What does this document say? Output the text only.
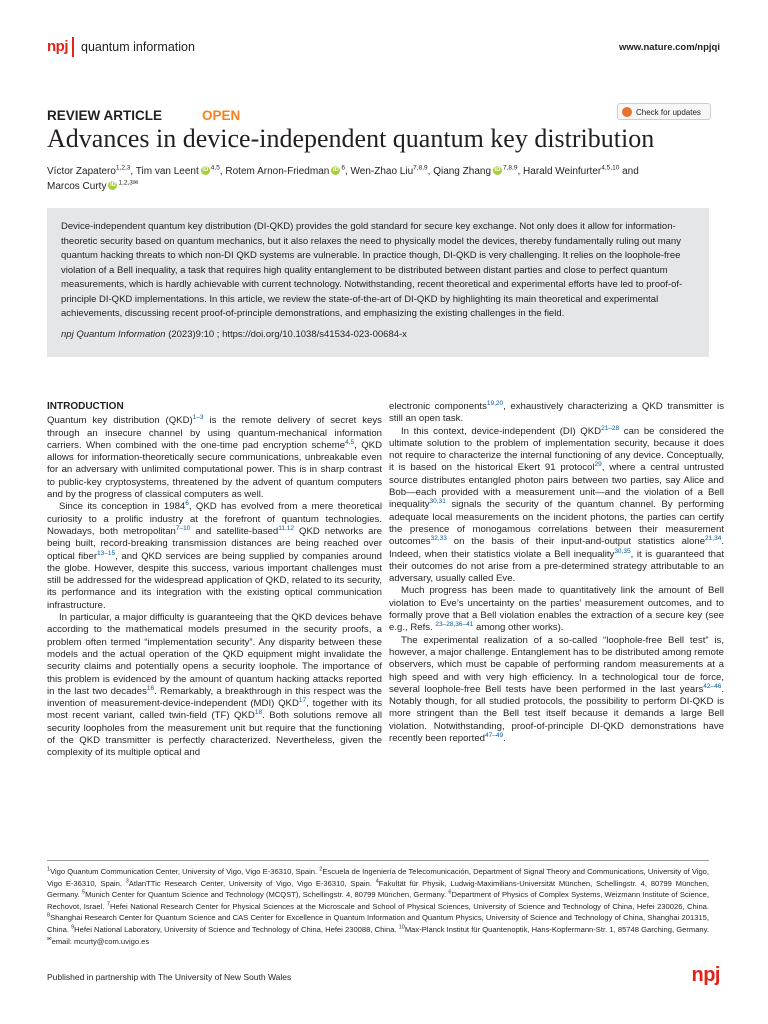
npj quantum information	www.nature.com/npjqi
REVIEW ARTICLE	OPEN	Check for updates
Advances in device-independent quantum key distribution
Víctor Zapatero$^{1,2,3}$, Tim van Leent iD $^{4,5}$, Rotem Arnon-Friedman iD $^6$, Wen-Zhao Liu$^{7,8,9}$, Qiang Zhang iD $^{7,8,9}$, Harald Weinfurter$^{4,5,10}$ and
Marcos Curty iD $^{1,2,3✉}$

Device-independent quantum key distribution (DI-QKD) provides the gold standard for secure key exchange. Not only does it allow for information-theoretic security based on quantum mechanics, but it also relaxes the need to physically model the devices, thereby fundamentally ruling out many quantum hacking threats to which non-DI QKD systems are vulnerable. In practice though, DI-QKD is very challenging. It relies on the loophole-free violation of a Bell inequality, a task that requires high quality entanglement to be distributed between distant parties and close to perfect quantum measurements, which is hardly achievable with current technology. Notwithstanding, recent theoretical and experimental efforts have led to proof-of-principle DI-QKD implementations. In this article, we review the state-of-the-art of DI-QKD by highlighting its main theoretical and experimental achievements, discussing recent proof-of-principle demonstrations, and emphasizing the existing challenges in the field.

npj Quantum Information (2023)9:10 ; https://doi.org/10.1038/s41534-023-00684-x

INTRODUCTION

Quantum key distribution (QKD)$^{1-3}$ is the remote delivery of secret keys through an insecure channel by using quantum-mechanical information carriers. When combined with the one-time pad encryption scheme$^{4,5}$, QKD allows for information-theoretically secure communications, unbreakable even for an adversary with unlimited computational power. This is in sharp contrast to public-key cryptosystems, threatened by the advent of quantum computers and by the progress of classical computers as well.

Since its conception in 1984$^6$, QKD has evolved from a mere theoretical curiosity to a prolific industry at the forefront of quantum technologies. Nowadays, both metropolitan$^{7-10}$ and satellite-based$^{11,12}$ QKD networks are being built, record-breaking transmission distances are being reached over optical fiber$^{13-15}$, and QKD services are being supplied by companies around the globe. However, despite this success, various important challenges must still be addressed for the widespread application of QKD, related to its security, its performance and its integration with the existing optical communication infrastructure.

In particular, a major difficulty is guaranteeing that the QKD devices behave according to the mathematical models presumed in the security proofs, a problem often termed “implementation security”. Any disparity between these models and the actual operation of the QKD equipment might invalidate the security claims and potentially opens a security loophole. The importance of this problem is evidenced by the amount of quantum hacking attacks reported in the last two decades$^{16}$. Remarkably, a breakthrough in this respect was the invention of measurement-device-independent (MDI) QKD$^{17}$, together with its most recent variant, called twin-field (TF) QKD$^{18}$. Both solutions remove all security loopholes from the measurement unit but require that the functioning of the QKD transmitter is perfectly characterized. Nevertheless, given the complexity of its multiple optical and

electronic components$^{19,20}$, exhaustively characterizing a QKD transmitter is still an open task.

In this context, device-independent (DI) QKD$^{21-28}$ can be considered the ultimate solution to the problem of implementation security, because it does not require to characterize the internal functioning of any device. Conceptually, it is based on the historical Ekert 91 protocol$^{29}$, where a central untrusted source distributes entangled photon pairs between two parties, say Alice and Bob—each provided with a measurement unit—and the violation of a Bell inequality$^{30,31}$ signals the security of the quantum channel. By performing adequate local measurements on the incident photons, the parties can certify the presence of monogamous correlations between their measurement outcomes$^{32,33}$ on the basis of their input-and-output statistics alone$^{21,34}$. Indeed, when their statistics violate a Bell inequality$^{30,35}$, it is guaranteed that their outcomes do not arise from a pre-determined strategy attributable to an adversary, usually called Eve.

Much progress has been made to quantitatively link the amount of Bell violation to Eve’s uncertainty on the parties’ measurement outcomes, and to formally prove that a Bell violation enables the extraction of a secure key (see e.g., Refs. $^{23-28,36-41}$ among other works).

The experimental realization of a so-called “loophole-free Bell test” is, however, a major challenge. Entanglement has to be distributed among remote observers, which must be capable of performing random measurements at a high speed and with very high efficiency. In a technological tour de force, several loophole-free Bell tests have been performed in the last years$^{42-46}$. Notably though, for all studied protocols, the possibility to perform DI-QKD is more stringent than the Bell test itself because it demands a large Bell violation. Notwithstanding, proof-of-principle DI-QKD demonstrations have recently been reported$^{47-49}$.

$^1$Vigo Quantum Communication Center, University of Vigo, Vigo E-36310, Spain. $^2$Escuela de Ingeniería de Telecomunicación, Department of Signal Theory and Communications, University of Vigo, Vigo E-36310, Spain. $^3$AtlanTTic Research Center, University of Vigo, Vigo E-36310, Spain. $^4$Fakultät für Physik, Ludwig-Maximilians-Universität München, Schellingstr. 4, 80799 München, Germany. $^5$Munich Center for Quantum Science and Technology (MCQST), Schellingstr. 4, 80799 München, Germany. $^6$Department of Physics of Complex Systems, Weizmann Institute of Science, Rechovot, Israel. $^7$Hefei National Research Center for Physical Sciences at the Microscale and School of Physical Sciences, University of Science and Technology of China, Hefei 230026, China. $^8$Shanghai Research Center for Quantum Science and CAS Center for Excellence in Quantum Information and Quantum Physics, University of Science and Technology of China, Shanghai 201315, China. $^9$Hefei National Laboratory, University of Science and Technology of China, Hefei 230088, China. $^{10}$Max-Planck Institut für Quantenoptik, Hans-Kopfermann-Str. 1, 85748 Garching, Germany. ✉email: mcurty@com.uvigo.es
Published in partnership with The University of New South Wales	npj
